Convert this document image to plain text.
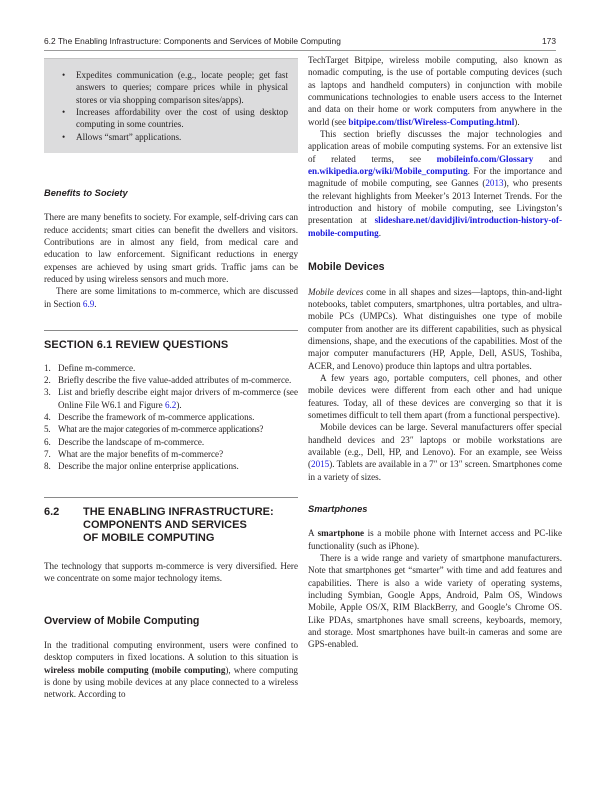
6.2 The Enabling Infrastructure: Components and Services of Mobile Computing	173
• Expedites communication (e.g., locate people; get fast answers to queries; compare prices while in physical stores or via shopping comparison sites/apps).
• Increases affordability over the cost of using desktop computing in some countries.
• Allows “smart” applications.
Benefits to Society

There are many benefits to society. For example, self-driving cars can reduce accidents; smart cities can benefit the dwellers and visitors. Contributions are in almost any field, from medical care and education to law enforcement. Significant reductions in energy expenses are achieved by using smart grids. Traffic jams can be reduced by using wireless sensors and much more.

There are some limitations to m-commerce, which are discussed in Section 6.9.

SECTION 6.1 REVIEW QUESTIONS
1. Define m-commerce.
2. Briefly describe the five value-added attributes of m-commerce.
3. List and briefly describe eight major drivers of m-commerce (see Online File W6.1 and Figure 6.2).
4. Describe the framework of m-commerce applications.
5. What are the major categories of m-commerce applications?
6. Describe the landscape of m-commerce.
7. What are the major benefits of m-commerce?
8. Describe the major online enterprise applications.
6.2	THE ENABLING INFRASTRUCTURE:
COMPONENTS AND SERVICES
OF MOBILE COMPUTING

The technology that supports m-commerce is very diversified. Here we concentrate on some major technology items.

Overview of Mobile Computing

In the traditional computing environment, users were confined to desktop computers in fixed locations. A solution to this situation is wireless mobile computing (mobile computing), where computing is done by using mobile devices at any place connected to a wireless network. According to

TechTarget Bitpipe, wireless mobile computing, also known as nomadic computing, is the use of portable computing devices (such as laptops and handheld computers) in conjunction with mobile communications technologies to enable users access to the Internet and data on their home or work computers from anywhere in the world (see bitpipe.com/tlist/Wireless-Computing.html).

This section briefly discusses the major technologies and application areas of mobile computing systems. For an extensive list of related terms, see mobileinfo.com/Glossary and en.wikipedia.org/wiki/Mobile_computing. For the importance and magnitude of mobile computing, see Gannes (2013), who presents the relevant highlights from Meeker’s 2013 Internet Trends. For the introduction and history of mobile computing, see Livingston’s presentation at slideshare.net/davidjlivi/introduction-history-of-mobile-computing.

Mobile Devices

Mobile devices come in all shapes and sizes—laptops, thin-and-light notebooks, tablet computers, smartphones, ultra portables, and ultra-mobile PCs (UMPCs). What distinguishes one type of mobile computer from another are its different capabilities, such as physical dimensions, shape, and the executions of the capabilities. Most of the major computer manufacturers (HP, Apple, Dell, ASUS, Toshiba, ACER, and Lenovo) produce thin laptops and ultra portables.

A few years ago, portable computers, cell phones, and other mobile devices were different from each other and had unique features. Today, all of these devices are converging so that it is sometimes difficult to tell them apart (from a functional perspective).

Mobile devices can be large. Several manufacturers offer special handheld devices and 23″ laptops or mobile workstations are available (e.g., Dell, HP, and Lenovo). For an example, see Weiss (2015). Tablets are available in a 7″ or 13″ screen. Smartphones come in a variety of sizes.

Smartphones

A smartphone is a mobile phone with Internet access and PC-like functionality (such as iPhone).

There is a wide range and variety of smartphone manufacturers. Note that smartphones get “smarter” with time and add features and capabilities. There is also a wide variety of operating systems, including Symbian, Google Apps, Android, Palm OS, Windows Mobile, Apple OS/X, RIM BlackBerry, and Google’s Chrome OS. Like PDAs, smartphones have small screens, keyboards, memory, and storage. Most smartphones have built-in cameras and some are GPS-enabled.
